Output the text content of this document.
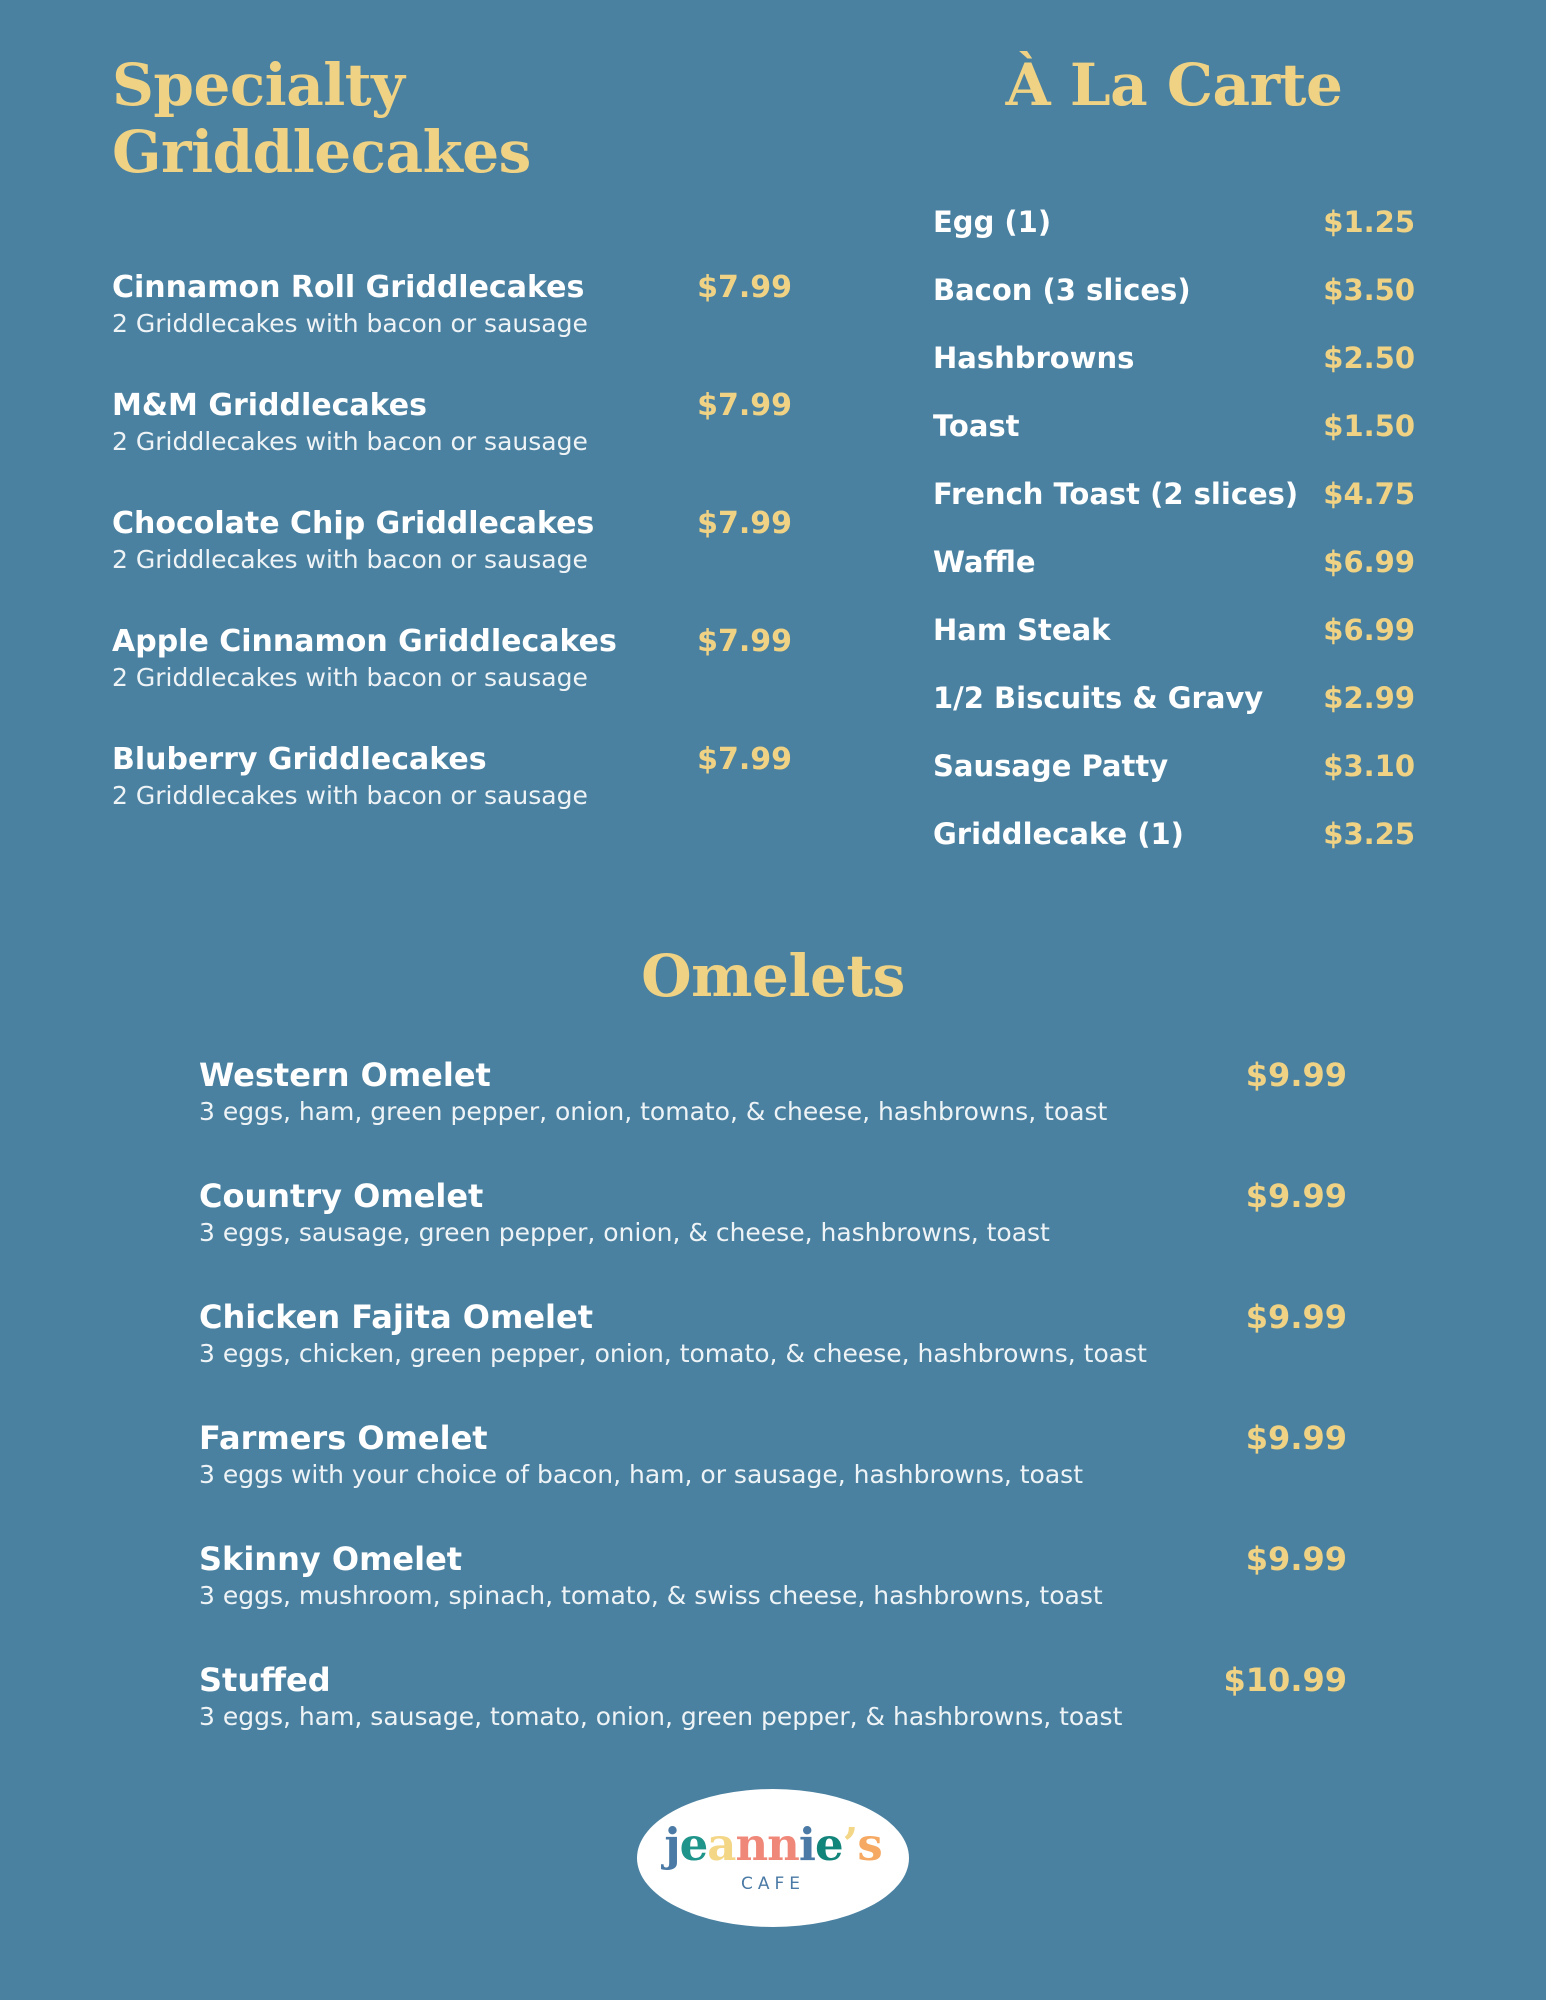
Specialty Griddlecakes
Cinnamon Roll Griddlecakes
2 Griddlecakes with bacon or sausage
$7.99
M&M Griddlecakes
2 Griddlecakes with bacon or sausage
$7.99
Chocolate Chip Griddlecakes
2 Griddlecakes with bacon or sausage
$7.99
Apple Cinnamon Griddlecakes
2 Griddlecakes with bacon or sausage
$7.99
Bluberry Griddlecakes
2 Griddlecakes with bacon or sausage
$7.99
À La Carte
Egg (1)	$1.25
Bacon (3 slices)	$3.50
Hashbrowns	$2.50
Toast	$1.50
French Toast (2 slices) $4.75
Waffle	$6.99
Ham Steak	$6.99
1/2 Biscuits & Gravy	$2.99
Sausage Patty	$3.10
Griddlecake (1)	$3.25
Omelets
Western Omelet
3 eggs, ham, green pepper, onion, tomato, & cheese, hashbrowns, toast
$9.99
Country Omelet
3 eggs, sausage, green pepper, onion, & cheese, hashbrowns, toast
$9.99
Chicken Fajita Omelet
3 eggs, chicken, green pepper, onion, tomato, & cheese, hashbrowns, toast
$9.99
Farmers Omelet
3 eggs with your choice of bacon, ham, or sausage, hashbrowns, toast
$9.99
Skinny Omelet
3 eggs, mushroom, spinach, tomato, & swiss cheese, hashbrowns, toast
$9.99
Stuffed
3 eggs, ham, sausage, tomato, onion, green pepper, & hashbrowns, toast
$10.99
jeannie’s
CAFE
